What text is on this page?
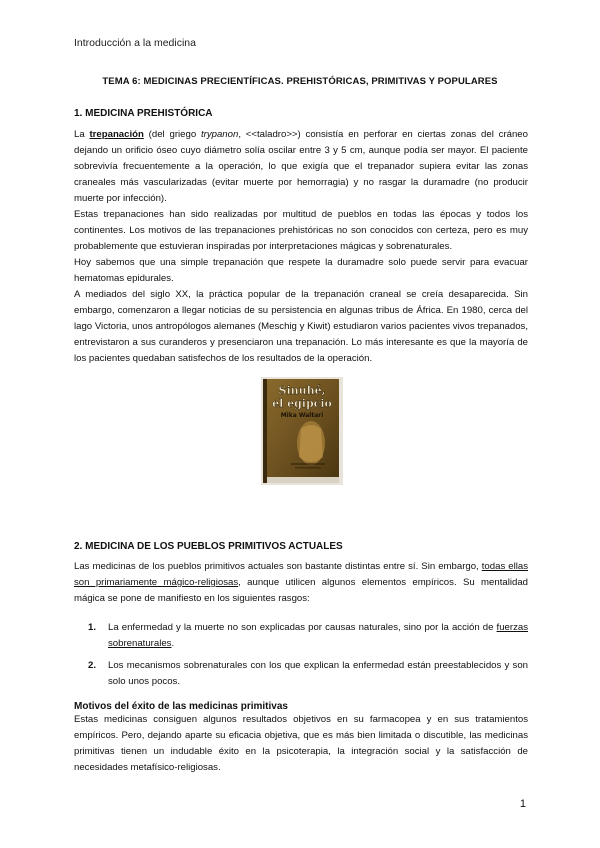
Introducción a la medicina
TEMA 6: MEDICINAS PRECIENTÍFICAS. PREHISTÓRICAS, PRIMITIVAS Y POPULARES
1. MEDICINA PREHISTÓRICA

La trepanación (del griego trypanon, <<taladro>>) consistía en perforar en ciertas zonas del cráneo dejando un orificio óseo cuyo diámetro solía oscilar entre 3 y 5 cm, aunque podía ser mayor. El paciente sobrevivía frecuentemente a la operación, lo que exigía que el trepanador supiera evitar las zonas craneales más vascularizadas (evitar muerte por hemorragia) y no rasgar la duramadre (no producir muerte por infección).

Estas trepanaciones han sido realizadas por multitud de pueblos en todas las épocas y todos los continentes. Los motivos de las trepanaciones prehistóricas no son conocidos con certeza, pero es muy probablemente que estuvieran inspiradas por interpretaciones mágicas y sobrenaturales.

Hoy sabemos que una simple trepanación que respete la duramadre solo puede servir para evacuar hematomas epidurales.

A mediados del siglo XX, la práctica popular de la trepanación craneal se creía desaparecida. Sin embargo, comenzaron a llegar noticias de su persistencia en algunas tribus de África. En 1980, cerca del lago Victoria, unos antropólogos alemanes (Meschig y Kiwit) estudiaron varios pacientes vivos trepanados, entrevistaron a sus curanderos y presenciaron una trepanación. Lo más interesante es que la mayoría de los pacientes quedaban satisfechos de los resultados de la operación.

Sinuhé,
el egipcio
Mika Waltari
2. MEDICINA DE LOS PUEBLOS PRIMITIVOS ACTUALES

Las medicinas de los pueblos primitivos actuales son bastante distintas entre sí. Sin embargo, todas ellas son primariamente mágico-religiosas, aunque utilicen algunos elementos empíricos. Su mentalidad mágica se pone de manifiesto en los siguientes rasgos:

1. La enfermedad y la muerte no son explicadas por causas naturales, sino por la acción de fuerzas sobrenaturales.
2. Los mecanismos sobrenaturales con los que explican la enfermedad están preestablecidos y son solo unos pocos.
Motivos del éxito de las medicinas primitivas

Estas medicinas consiguen algunos resultados objetivos en su farmacopea y en sus tratamientos empíricos. Pero, dejando aparte su eficacia objetiva, que es más bien limitada o discutible, las medicinas primitivas tienen un indudable éxito en la psicoterapia, la integración social y la satisfacción de necesidades metafísico-religiosas.

1
